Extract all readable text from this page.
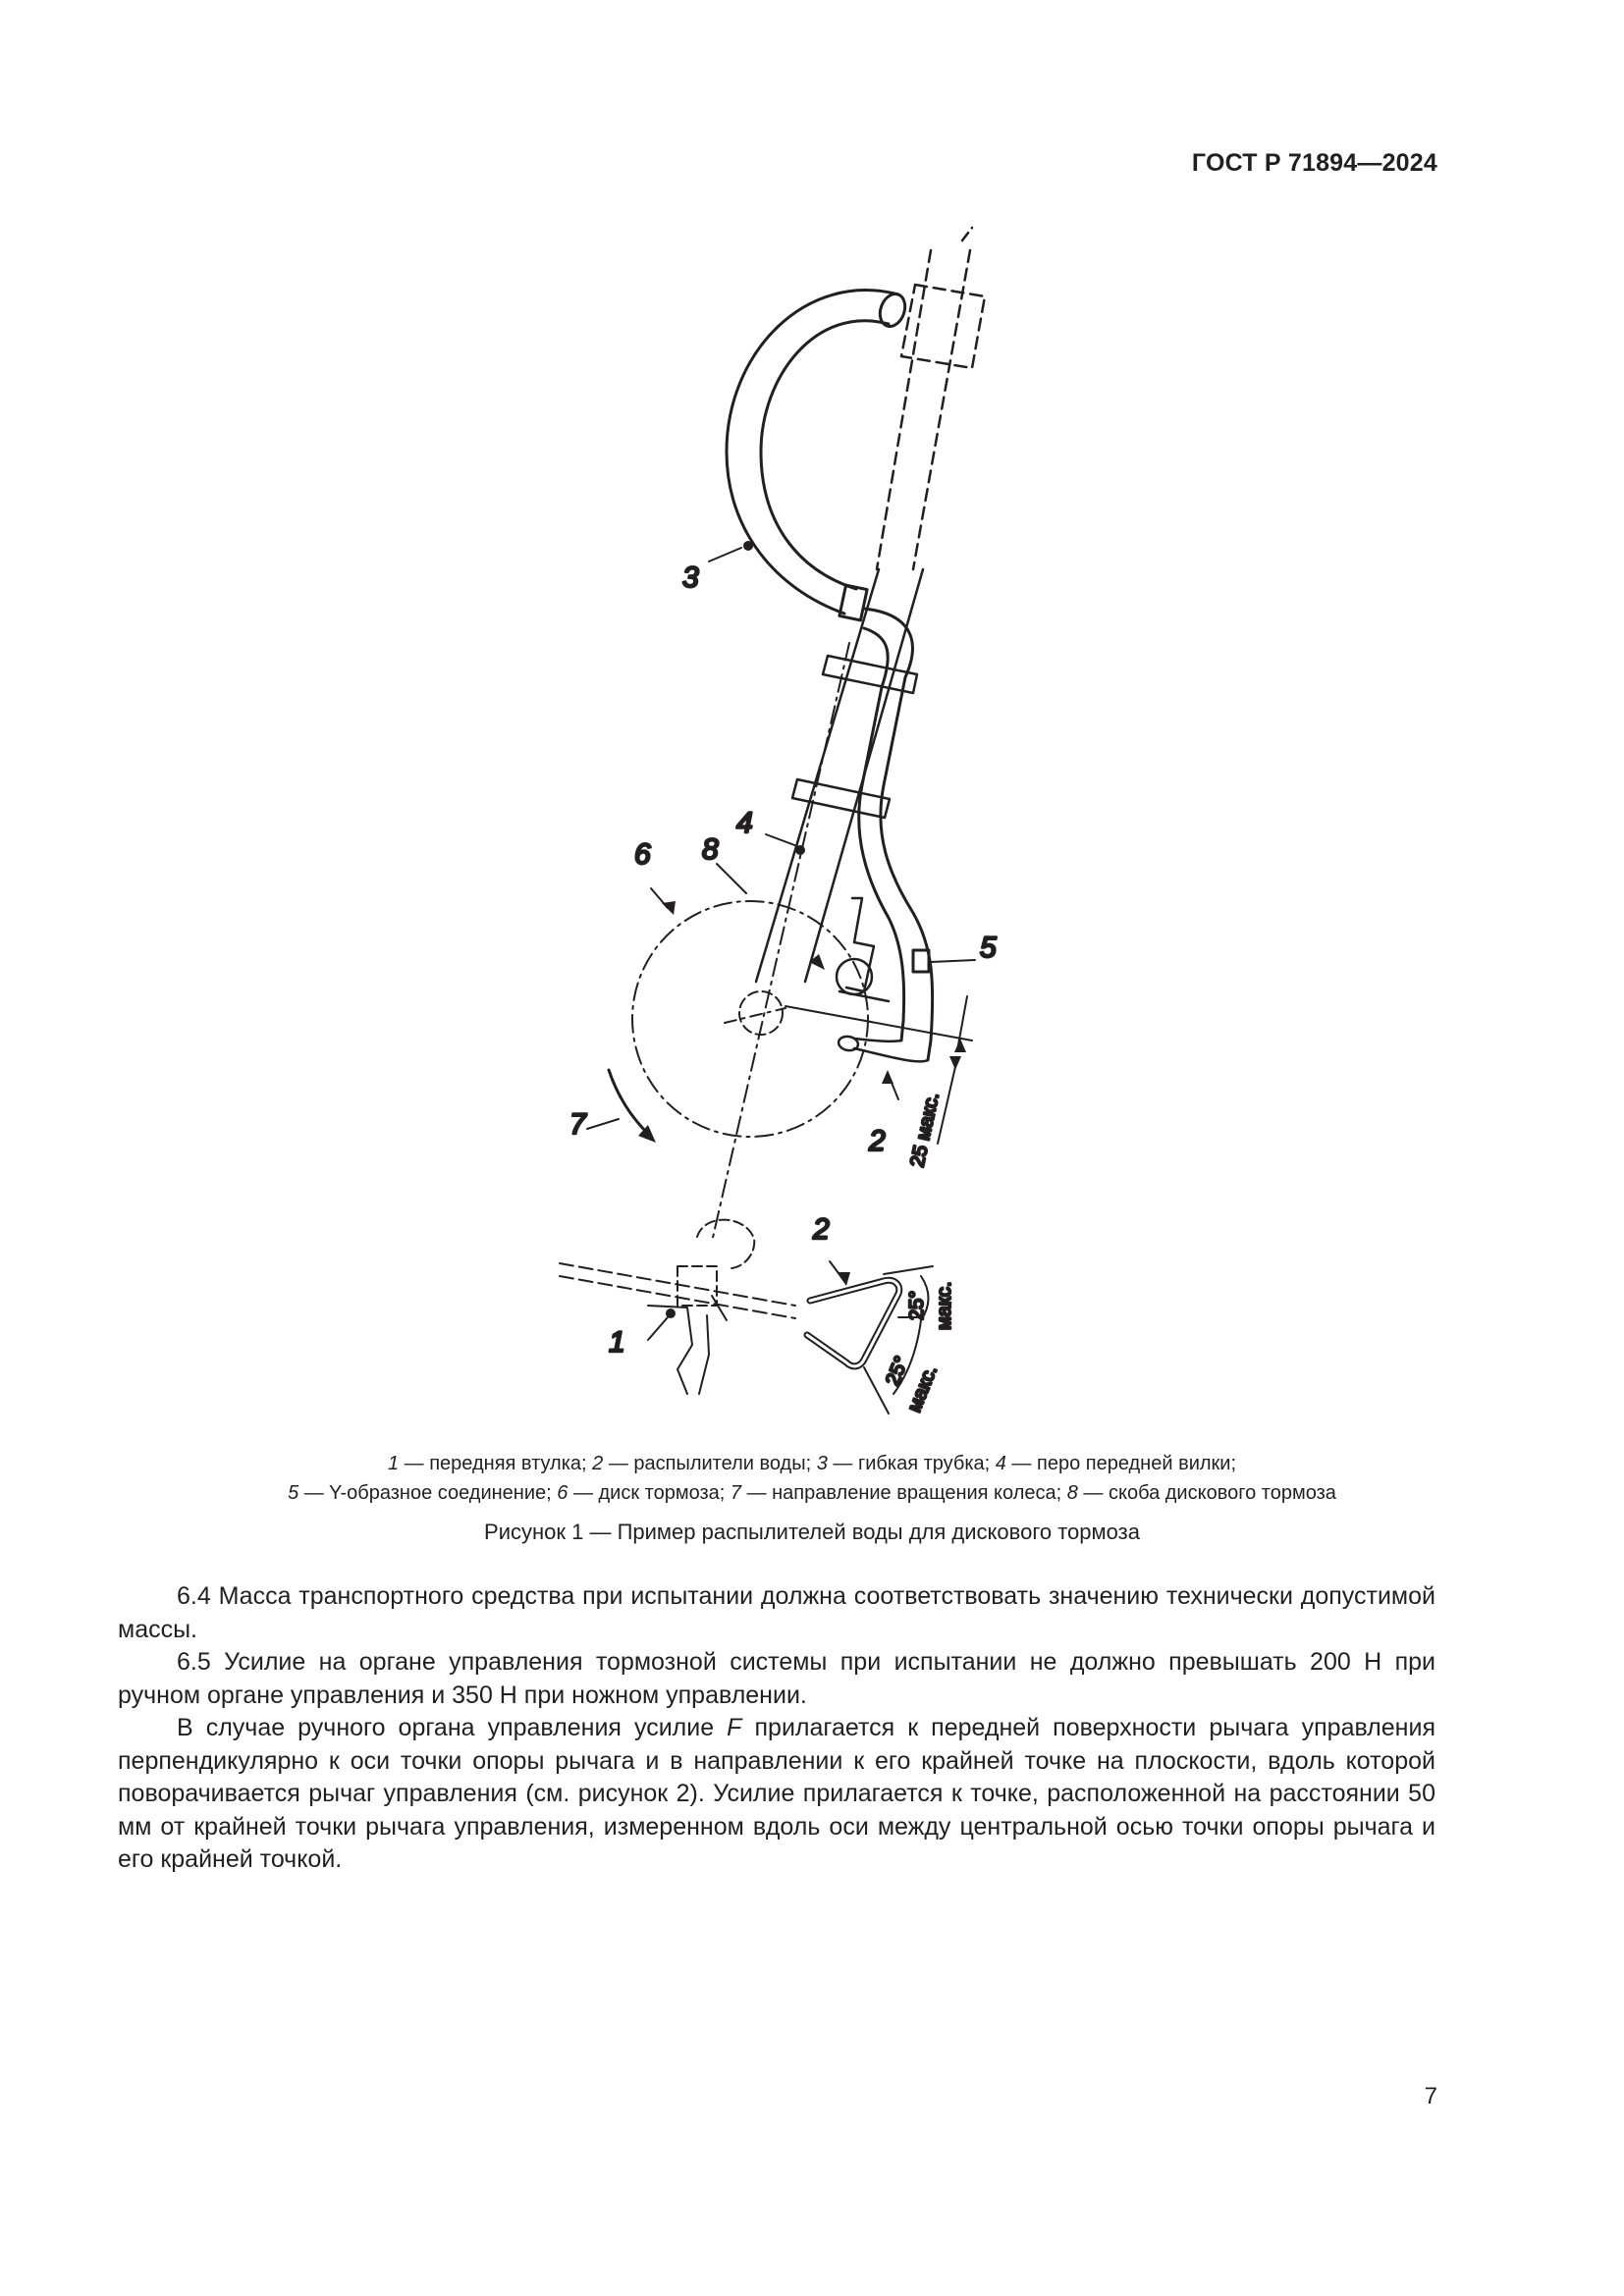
ГОСТ Р 71894—2024
3
4
8
6
5
7
2
2
1
25 макс.
25° макс.
25°
макс.
1 — передняя втулка; 2 — распылители воды; 3 — гибкая трубка; 4 — перо передней вилки;
5 — Y-образное соединение; 6 — диск тормоза; 7 — направление вращения колеса; 8 — скоба дискового тормоза
Рисунок 1 — Пример распылителей воды для дискового тормоза

6.4 Масса транспортного средства при испытании должна соответствовать значению технически допустимой массы.

6.5 Усилие на органе управления тормозной системы при испытании не должно превышать 200 Н при ручном органе управления и 350 Н при ножном управлении.

В случае ручного органа управления усилие F прилагается к передней поверхности рычага управления перпендикулярно к оси точки опоры рычага и в направлении к его крайней точке на плоскости, вдоль которой поворачивается рычаг управления (см. рисунок 2). Усилие прилагается к точке, расположенной на расстоянии 50 мм от крайней точки рычага управления, измеренном вдоль оси между центральной осью точки опоры рычага и его крайней точкой.

7
